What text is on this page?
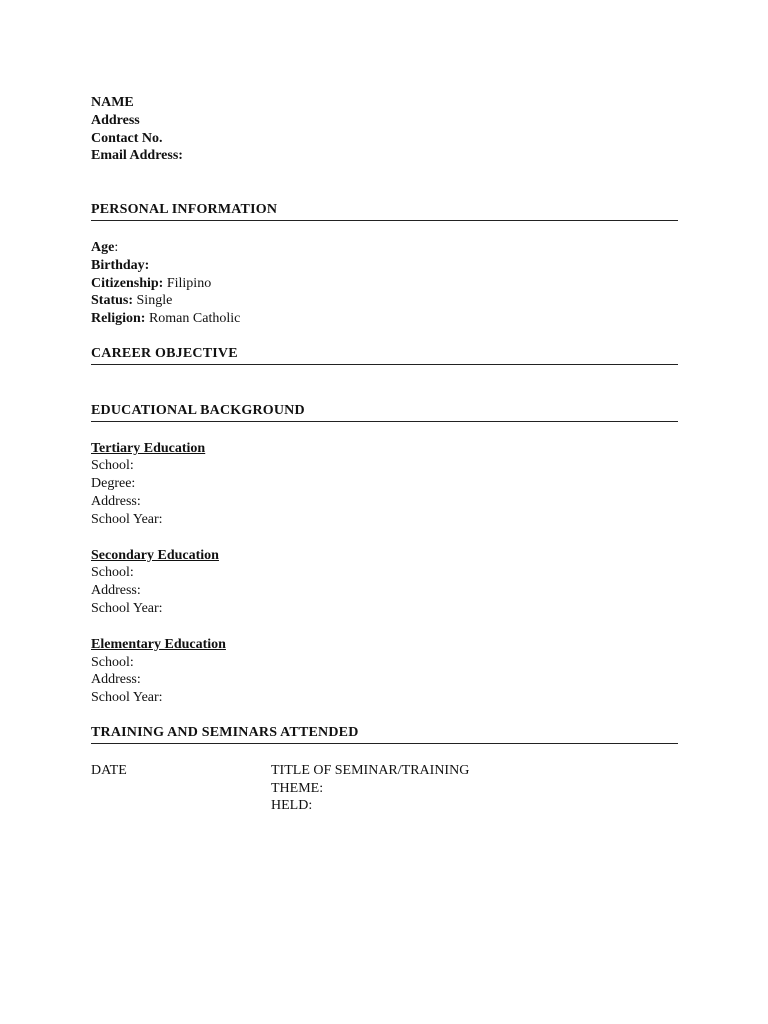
NAME
Address
Contact No.
Email Address:
PERSONAL INFORMATION
Age:
Birthday:
Citizenship: Filipino
Status: Single
Religion: Roman Catholic
CAREER OBJECTIVE
EDUCATIONAL BACKGROUND
Tertiary Education
School:
Degree:
Address:
School Year:
Secondary Education
School:
Address:
School Year:
Elementary Education
School:
Address:
School Year:
TRAINING AND SEMINARS ATTENDED
DATE	TITLE OF SEMINAR/TRAINING
THEME:
HELD:
